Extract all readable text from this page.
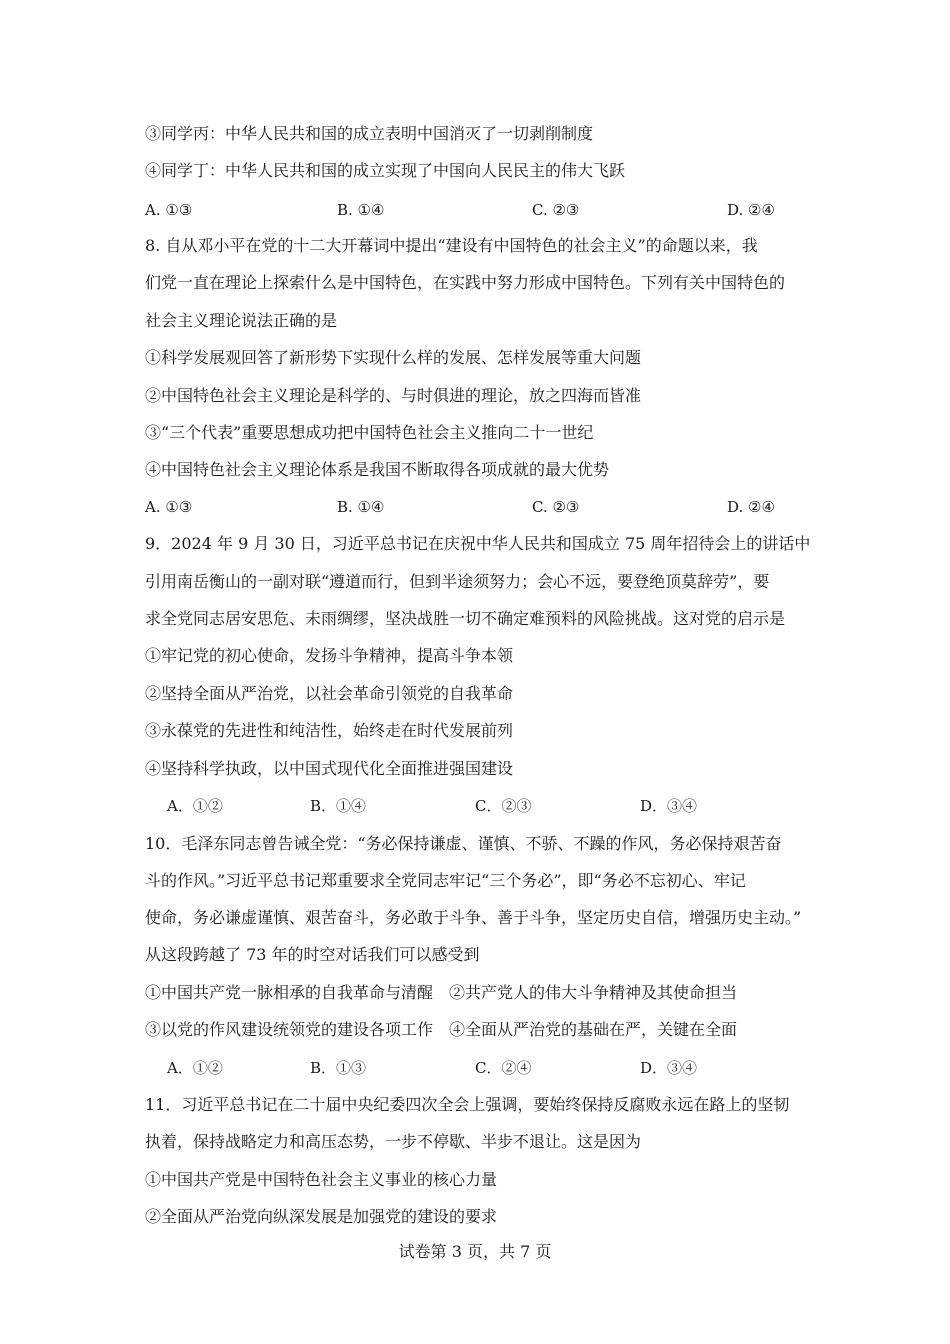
③同学丙：中华人民共和国的成立表明中国消灭了一切剥削制度
④同学丁：中华人民共和国的成立实现了中国向人民民主的伟大飞跃
A. ①③	B. ①④	C. ②③	D. ②④
8. 自从邓小平在党的十二大开幕词中提出“建设有中国特色的社会主义”的命题以来，我
们党一直在理论上探索什么是中国特色，在实践中努力形成中国特色。下列有关中国特色的
社会主义理论说法正确的是
①科学发展观回答了新形势下实现什么样的发展、怎样发展等重大问题
②中国特色社会主义理论是科学的、与时俱进的理论，放之四海而皆准
③“三个代表”重要思想成功把中国特色社会主义推向二十一世纪
④中国特色社会主义理论体系是我国不断取得各项成就的最大优势
A. ①③	B. ①④	C. ②③	D. ②④
9．2024 年 9 月 30 日，习近平总书记在庆祝中华人民共和国成立 75 周年招待会上的讲话中
引用南岳衡山的一副对联“遵道而行，但到半途须努力；会心不远，要登绝顶莫辞劳”，要
求全党同志居安思危、未雨绸缪，坚决战胜一切不确定难预料的风险挑战。这对党的启示是
①牢记党的初心使命，发扬斗争精神，提高斗争本领
②坚持全面从严治党，以社会革命引领党的自我革命
③永葆党的先进性和纯洁性，始终走在时代发展前列
④坚持科学执政，以中国式现代化全面推进强国建设
A．①②	B．①④	C．②③	D．③④
10．毛泽东同志曾告诫全党：“务必保持谦虚、谨慎、不骄、不躁的作风，务必保持艰苦奋
斗的作风。”习近平总书记郑重要求全党同志牢记“三个务必”，即“务必不忘初心、牢记
使命，务必谦虚谨慎、艰苦奋斗，务必敢于斗争、善于斗争，坚定历史自信，增强历史主动。”
从这段跨越了 73 年的时空对话我们可以感受到
①中国共产党一脉相承的自我革命与清醒　②共产党人的伟大斗争精神及其使命担当
③以党的作风建设统领党的建设各项工作　④全面从严治党的基础在严，关键在全面
A．①②	B．①③	C．②④	D．③④
11．习近平总书记在二十届中央纪委四次全会上强调，要始终保持反腐败永远在路上的坚韧
执着，保持战略定力和高压态势，一步不停歇、半步不退让。这是因为
①中国共产党是中国特色社会主义事业的核心力量
②全面从严治党向纵深发展是加强党的建设的要求
试卷第 3 页，共 7 页
